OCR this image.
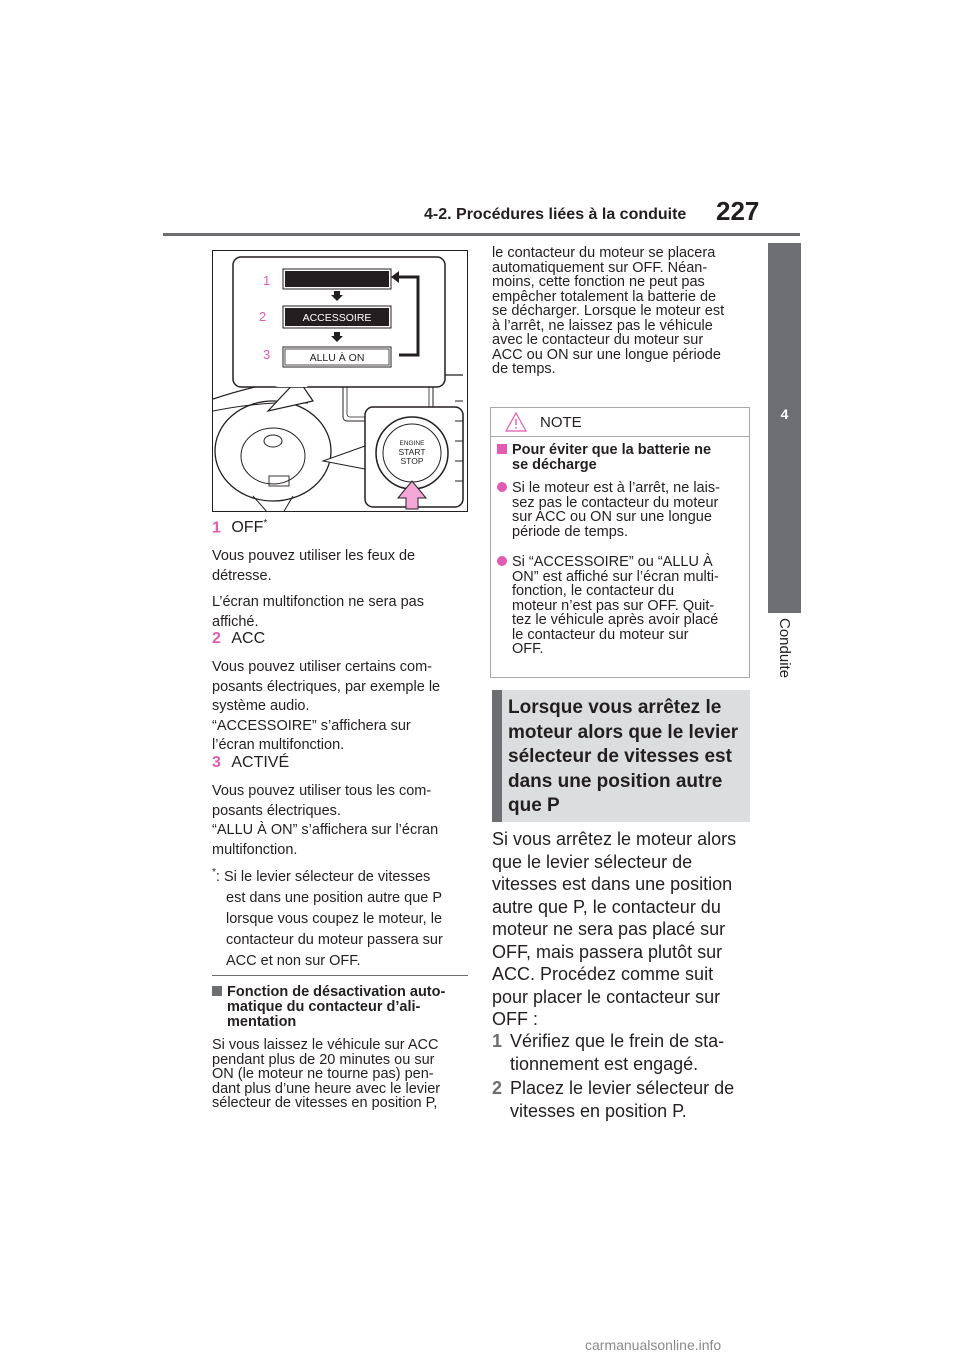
4-2. Procédures liées à la conduite 227
4
Conduite
1
2
3
ACCESSOIRE
ALLU À ON
ENGINE
START
STOP
1 OFF*
Vous pouvez utiliser les feux de
détresse.
L’écran multifonction ne sera pas
affiché.
2 ACC
Vous pouvez utiliser certains com-
posants électriques, par exemple le
système audio.
“ACCESSOIRE” s’affichera sur
l’écran multifonction.
3 ACTIVÉ
Vous pouvez utiliser tous les com-
posants électriques.
“ALLU À ON” s’affichera sur l’écran
multifonction.
*: Si le levier sélecteur de vitesses
est dans une position autre que P
lorsque vous coupez le moteur, le
contacteur du moteur passera sur
ACC et non sur OFF.
Fonction de désactivation auto-
matique du contacteur d’ali-
mentation
Si vous laissez le véhicule sur ACC
pendant plus de 20 minutes ou sur
ON (le moteur ne tourne pas) pen-
dant plus d’une heure avec le levier
sélecteur de vitesses en position P,
le contacteur du moteur se placera
automatiquement sur OFF. Néan-
moins, cette fonction ne peut pas
empêcher totalement la batterie de
se décharger. Lorsque le moteur est
à l’arrêt, ne laissez pas le véhicule
avec le contacteur du moteur sur
ACC ou ON sur une longue période
de temps.
NOTE
Pour éviter que la batterie ne
se décharge
Si le moteur est à l’arrêt, ne lais-
sez pas le contacteur du moteur
sur ACC ou ON sur une longue
période de temps.
Si “ACCESSOIRE” ou “ALLU À
ON” est affiché sur l’écran multi-
fonction, le contacteur du
moteur n’est pas sur OFF. Quit-
tez le véhicule après avoir placé
le contacteur du moteur sur
OFF.
Lorsque vous arrêtez le
moteur alors que le levier
sélecteur de vitesses est
dans une position autre
que P
Si vous arrêtez le moteur alors
que le levier sélecteur de
vitesses est dans une position
autre que P, le contacteur du
moteur ne sera pas placé sur
OFF, mais passera plutôt sur
ACC. Procédez comme suit
pour placer le contacteur sur
OFF :
1 Vérifiez que le frein de sta-
tionnement est engagé.
2 Placez le levier sélecteur de
vitesses en position P.
carmanualsonline.info
